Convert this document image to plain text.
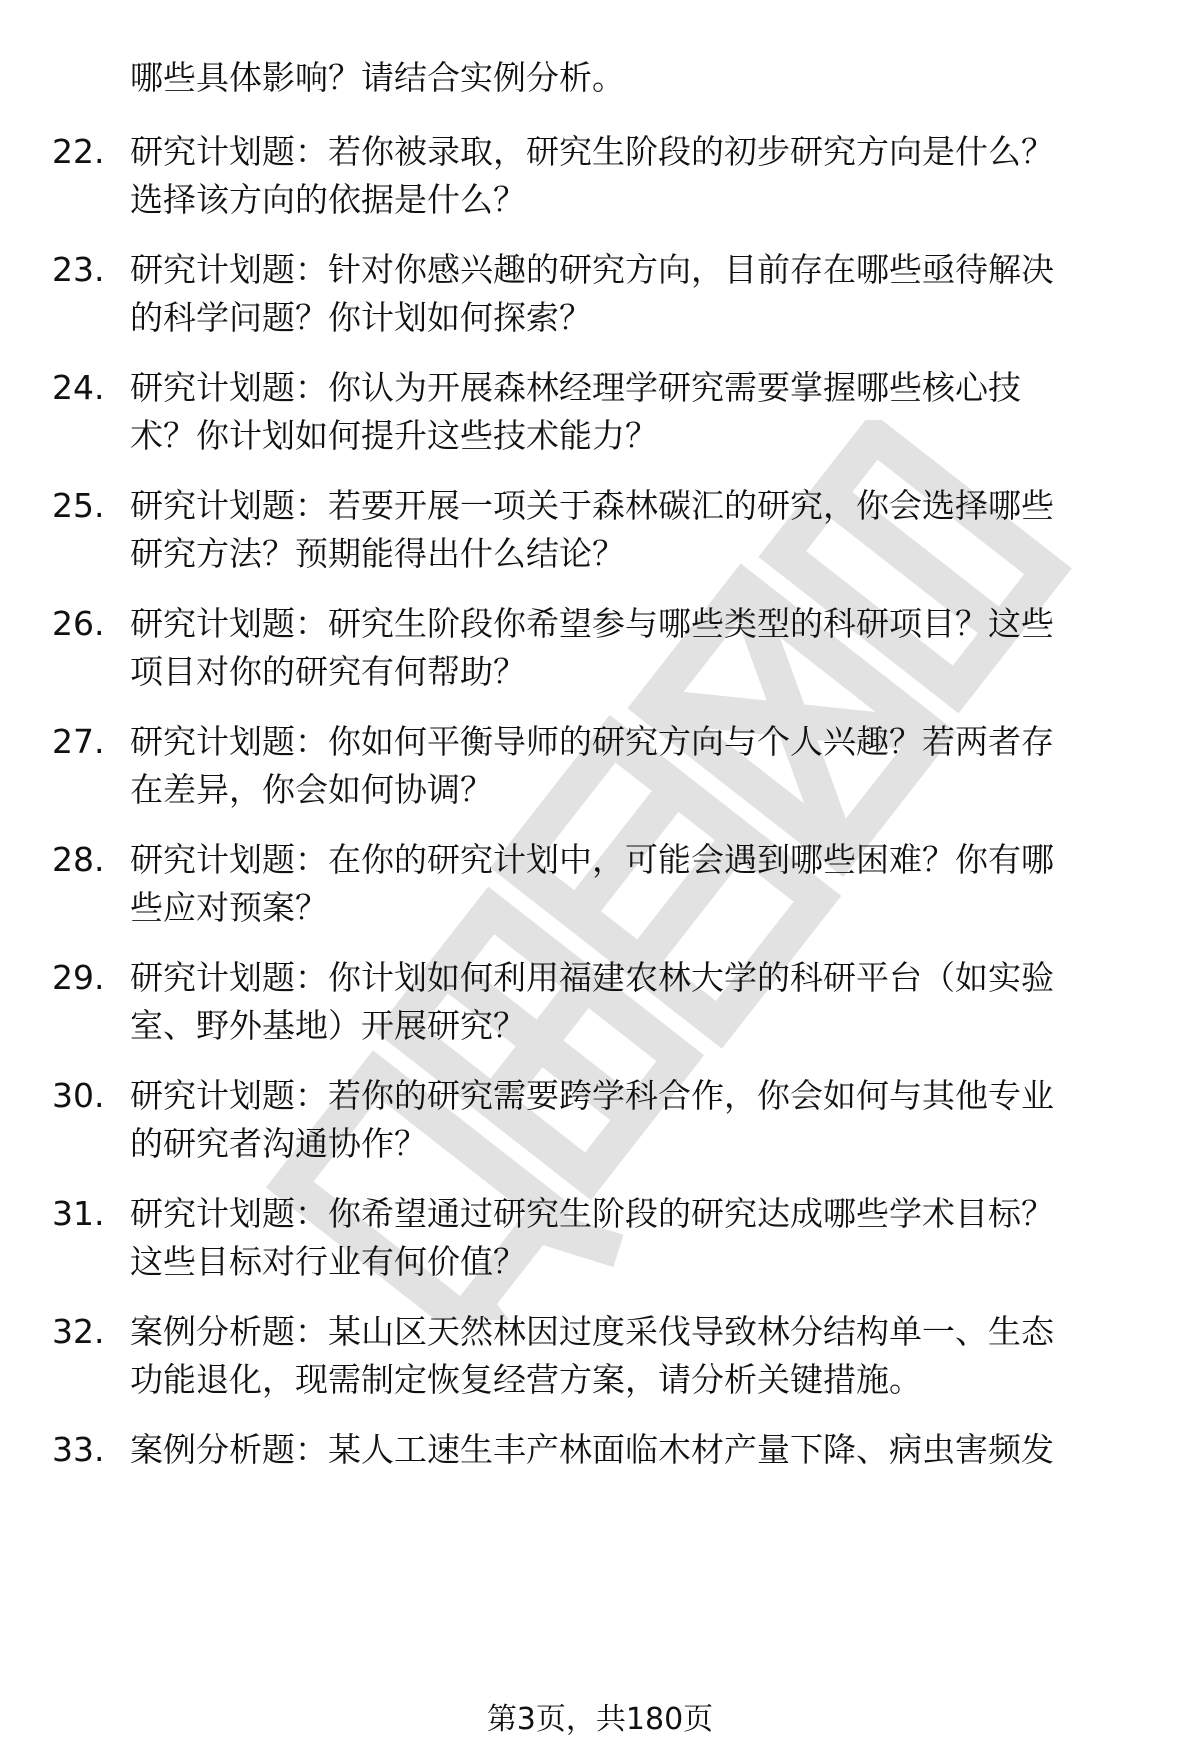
哪些具体影响？请结合实例分析。
22. 研究计划题：若你被录取，研究生阶段的初步研究方向是什么？
选择该方向的依据是什么？
23. 研究计划题：针对你感兴趣的研究方向，目前存在哪些亟待解决
的科学问题？你计划如何探索？
24. 研究计划题：你认为开展森林经理学研究需要掌握哪些核心技
术？你计划如何提升这些技术能力？
25. 研究计划题：若要开展一项关于森林碳汇的研究，你会选择哪些
研究方法？预期能得出什么结论？
26. 研究计划题：研究生阶段你希望参与哪些类型的科研项目？这些
项目对你的研究有何帮助？
27. 研究计划题：你如何平衡导师的研究方向与个人兴趣？若两者存
在差异，你会如何协调？
28. 研究计划题：在你的研究计划中，可能会遇到哪些困难？你有哪
些应对预案？
29. 研究计划题：你计划如何利用福建农林大学的科研平台（如实验
室、野外基地）开展研究？
30. 研究计划题：若你的研究需要跨学科合作，你会如何与其他专业
的研究者沟通协作？
31. 研究计划题：你希望通过研究生阶段的研究达成哪些学术目标？
这些目标对行业有何价值？
32. 案例分析题：某山区天然林因过度采伐导致林分结构单一、生态
功能退化，现需制定恢复经营方案，请分析关键措施。
33. 案例分析题：某人工速生丰产林面临木材产量下降、病虫害频发
第3页，共180页
